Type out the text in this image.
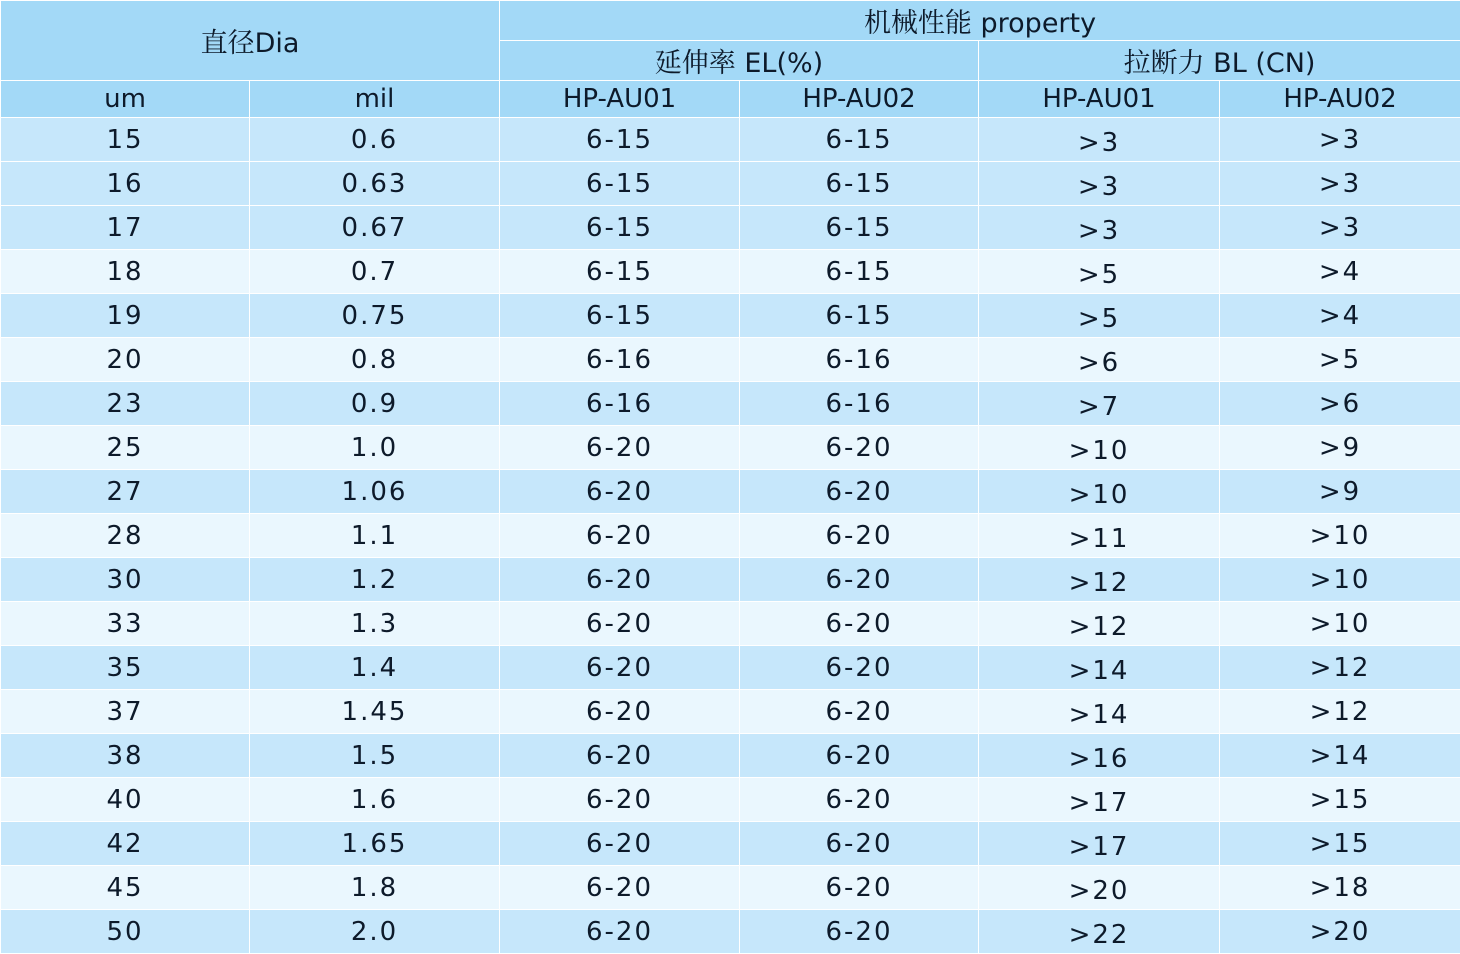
直径Dia		机械性能 property			
		延伸率 EL(%)		拉断力 BL (CN)	
um	mil	HP-AU01	HP-AU02	HP-AU01	HP-AU02
15	0.6	6-15	6-15	>3	>3
16	0.63	6-15	6-15	>3	>3
17	0.67	6-15	6-15	>3	>3
18	0.7	6-15	6-15	>5	>4
19	0.75	6-15	6-15	>5	>4
20	0.8	6-16	6-16	>6	>5
23	0.9	6-16	6-16	>7	>6
25	1.0	6-20	6-20	>10	>9
27	1.06	6-20	6-20	>10	>9
28	1.1	6-20	6-20	>11	>10
30	1.2	6-20	6-20	>12	>10
33	1.3	6-20	6-20	>12	>10
35	1.4	6-20	6-20	>14	>12
37	1.45	6-20	6-20	>14	>12
38	1.5	6-20	6-20	>16	>14
40	1.6	6-20	6-20	>17	>15
42	1.65	6-20	6-20	>17	>15
45	1.8	6-20	6-20	>20	>18
50	2.0	6-20	6-20	>22	>20
